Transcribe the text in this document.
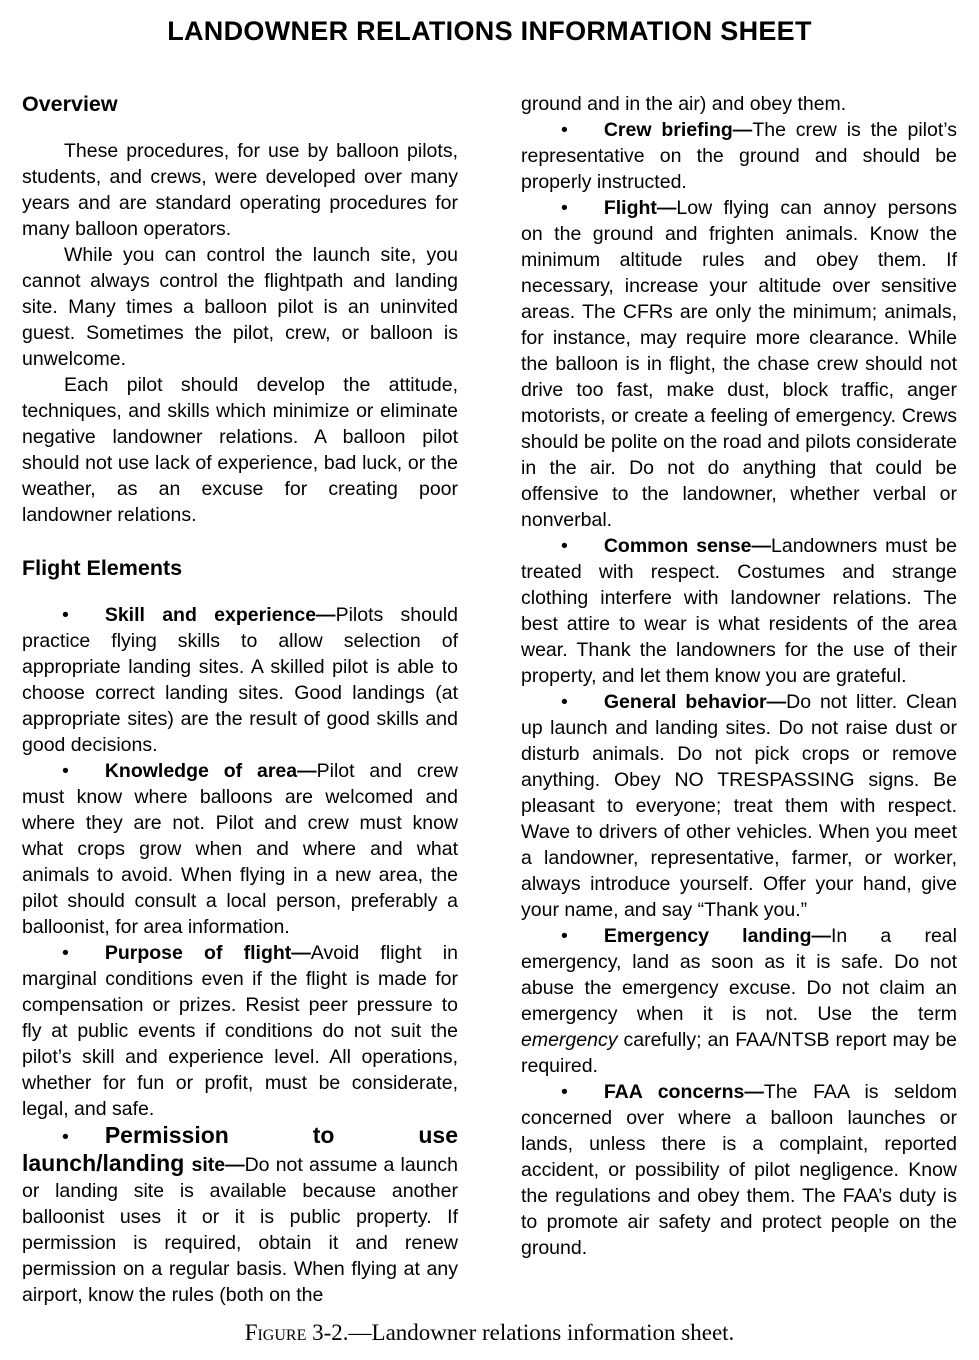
LANDOWNER RELATIONS INFORMATION SHEET
Overview

These procedures, for use by balloon pilots, students, and crews, were developed over many years and are standard operating procedures for many balloon operators.

While you can control the launch site, you cannot always control the flightpath and landing site. Many times a balloon pilot is an uninvited guest. Sometimes the pilot, crew, or balloon is unwelcome.

Each pilot should develop the attitude, techniques, and skills which minimize or eliminate negative landowner relations. A balloon pilot should not use lack of experience, bad luck, or the weather, as an excuse for creating poor landowner relations.

Flight Elements

• Skill and experience—Pilots should practice flying skills to allow selection of appropriate landing sites. A skilled pilot is able to choose correct landing sites. Good landings (at appropriate sites) are the result of good skills and good decisions.

• Knowledge of area—Pilot and crew must know where balloons are welcomed and where they are not. Pilot and crew must know what crops grow when and where and what animals to avoid. When flying in a new area, the pilot should consult a local person, preferably a balloonist, for area information.

• Purpose of flight—Avoid flight in marginal conditions even if the flight is made for compensation or prizes. Resist peer pressure to fly at public events if conditions do not suit the pilot’s skill and experience level. All operations, whether for fun or profit, must be considerate, legal, and safe.

• Permission to use launch/landing site—Do not assume a launch or landing site is available because another balloonist uses it or it is public property. If permission is required, obtain it and renew permission on a regular basis. When flying at any airport, know the rules (both on the

ground and in the air) and obey them.

• Crew briefing—The crew is the pilot’s representative on the ground and should be properly instructed.

• Flight—Low flying can annoy persons on the ground and frighten animals. Know the minimum altitude rules and obey them. If necessary, increase your altitude over sensitive areas. The CFRs are only the minimum; animals, for instance, may require more clearance. While the balloon is in flight, the chase crew should not drive too fast, make dust, block traffic, anger motorists, or create a feeling of emergency. Crews should be polite on the road and pilots considerate in the air. Do not do anything that could be offensive to the landowner, whether verbal or nonverbal.

• Common sense—Landowners must be treated with respect. Costumes and strange clothing interfere with landowner relations. The best attire to wear is what residents of the area wear. Thank the landowners for the use of their property, and let them know you are grateful.

• General behavior—Do not litter. Clean up launch and landing sites. Do not raise dust or disturb animals. Do not pick crops or remove anything. Obey NO TRESPASSING signs. Be pleasant to everyone; treat them with respect. Wave to drivers of other vehicles. When you meet a landowner, representative, farmer, or worker, always introduce yourself. Offer your hand, give your name, and say “Thank you.”

• Emergency landing—In a real emergency, land as soon as it is safe. Do not abuse the emergency excuse. Do not claim an emergency when it is not. Use the term emergency carefully; an FAA/NTSB report may be required.

• FAA concerns—The FAA is seldom concerned over where a balloon launches or lands, unless there is a complaint, reported accident, or possibility of pilot negligence. Know the regulations and obey them. The FAA’s duty is to promote air safety and protect people on the ground.

Figure 3-2.—Landowner relations information sheet.
